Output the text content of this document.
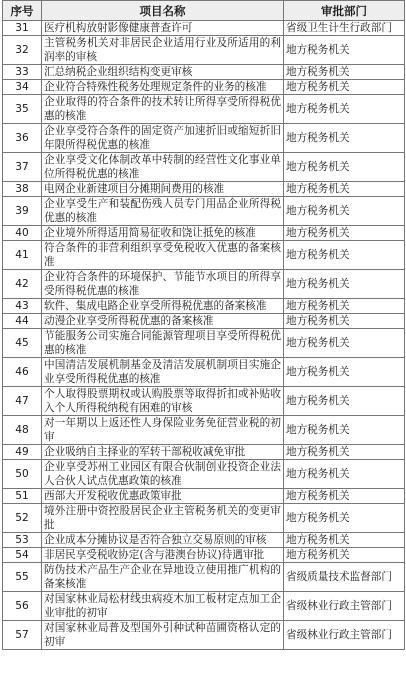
序号	项目名称	审批部门
31	医疗机构放射影像健康普查许可	省级卫生计生行政部门
32	主管税务机关对非居民企业适用行业及所适用的利润率的审核	地方税务机关
33	汇总纳税企业组织结构变更审核	地方税务机关
34	企业符合特殊性税务处理规定条件的业务的核准	地方税务机关
35	企业取得的符合条件的技术转让所得享受所得税优惠的核准	地方税务机关
36	企业享受符合条件的固定资产加速折旧或缩短折旧年限所得税优惠的核准	地方税务机关
37	企业享受文化体制改革中转制的经营性文化事业单位所得税优惠的核准	地方税务机关
38	电网企业新建项目分摊期间费用的核准	地方税务机关
39	企业享受生产和装配伤残人员专门用品企业所得税优惠的核准	地方税务机关
40	企业境外所得适用简易征收和饶让抵免的核准	地方税务机关
41	符合条件的非营利组织享受免税收入优惠的备案核准	地方税务机关
42	企业符合条件的环境保护、节能节水项目的所得享受所得税优惠的核准	地方税务机关
43	软件、集成电路企业享受所得税优惠的备案核准	地方税务机关
44	动漫企业享受所得税优惠的备案核准	地方税务机关
45	节能服务公司实施合同能源管理项目享受所得税优惠的核准	地方税务机关
46	中国清洁发展机制基金及清洁发展机制项目实施企业享受所得税优惠的核准	地方税务机关
47	个人取得股票期权或认购股票等取得折扣或补贴收入个人所得税纳税有困难的审核	地方税务机关
48	对一年期以上返还性人身保险业务免征营业税的初审	地方税务机关
49	企业吸纳自主择业的军转干部税收减免审批	地方税务机关
50	企业享受苏州工业园区有限合伙制创业投资企业法人合伙人试点优惠政策的核准	地方税务机关
51	西部大开发税收优惠政策审批	地方税务机关
52	境外注册中资控股居民企业主管税务机关的变更审批	地方税务机关
53	企业成本分摊协议是否符合独立交易原则的审核	地方税务机关
54	非居民享受税收协定(含与港澳台协议)待遇审批	地方税务机关
55	防伪技术产品生产企业在异地设立使用推广机构的备案核准	省级质量技术监督部门
56	对国家林业局松材线虫病疫木加工板材定点加工企业审批的初审	省级林业行政主管部门
57	对国家林业局普及型国外引种试种苗圃资格认定的初审	省级林业行政主管部门
